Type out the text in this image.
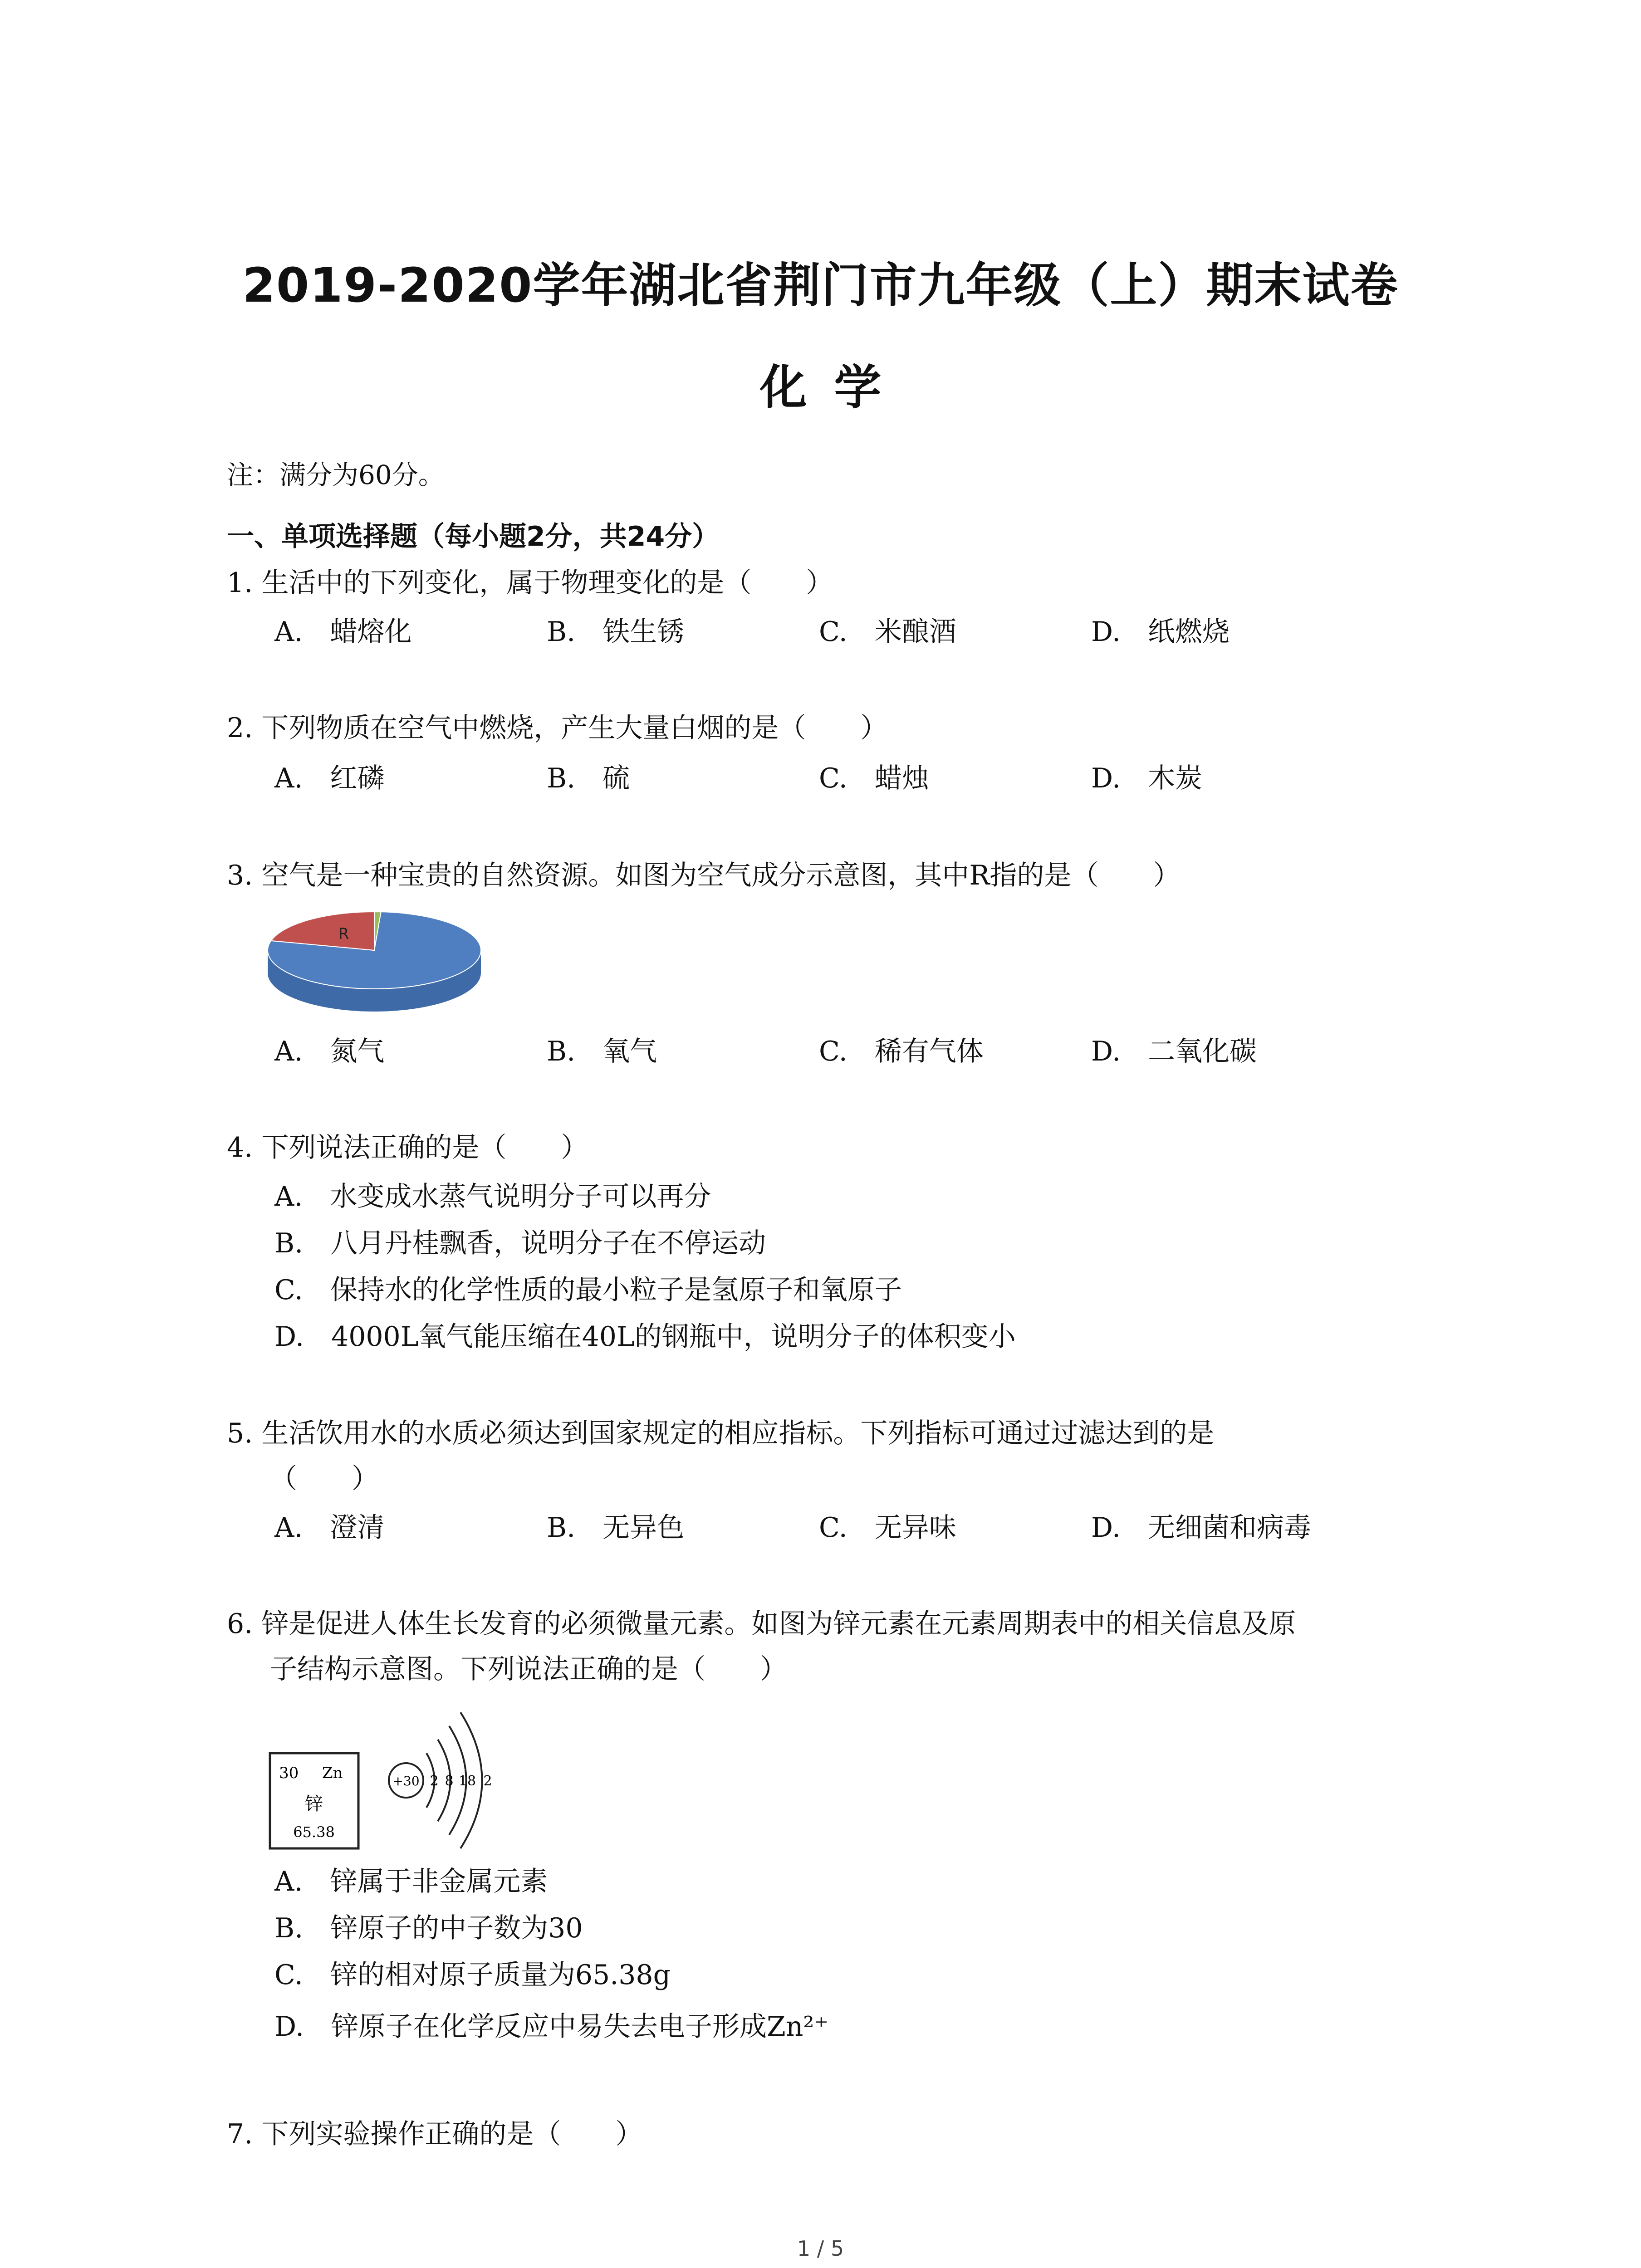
2019-2020学年湖北省荆门市九年级（上）期末试卷
化学
注：满分为60分。
一、单项选择题（每小题2分，共24分）
1. 生活中的下列变化，属于物理变化的是（　　）
A.　蜡熔化	B.　铁生锈	C.　米酿酒	D.　纸燃烧
2. 下列物质在空气中燃烧，产生大量白烟的是（　　）
A.　红磷	B.　硫	C.　蜡烛	D.　木炭
3. 空气是一种宝贵的自然资源。如图为空气成分示意图，其中R指的是（　　）
R
A.　氮气	B.　氧气	C.　稀有气体	D.　二氧化碳
4. 下列说法正确的是（　　）
A.　水变成水蒸气说明分子可以再分
B.　八月丹桂飘香，说明分子在不停运动
C.　保持水的化学性质的最小粒子是氢原子和氧原子
D.　4000L氧气能压缩在40L的钢瓶中，说明分子的体积变小
5. 生活饮用水的水质必须达到国家规定的相应指标。下列指标可通过过滤达到的是
（　　）
A.　澄清	B.　无异色	C.　无异味	D.　无细菌和病毒
6. 锌是促进人体生长发育的必须微量元素。如图为锌元素在元素周期表中的相关信息及原
子结构示意图。下列说法正确的是（　　）
30 Zn
锌
65.38
+30 2 8 18 2
A.　锌属于非金属元素
B.　锌原子的中子数为30
C.　锌的相对原子质量为65.38g
D.　锌原子在化学反应中易失去电子形成Zn²⁺
7. 下列实验操作正确的是（　　）
1 / 5
